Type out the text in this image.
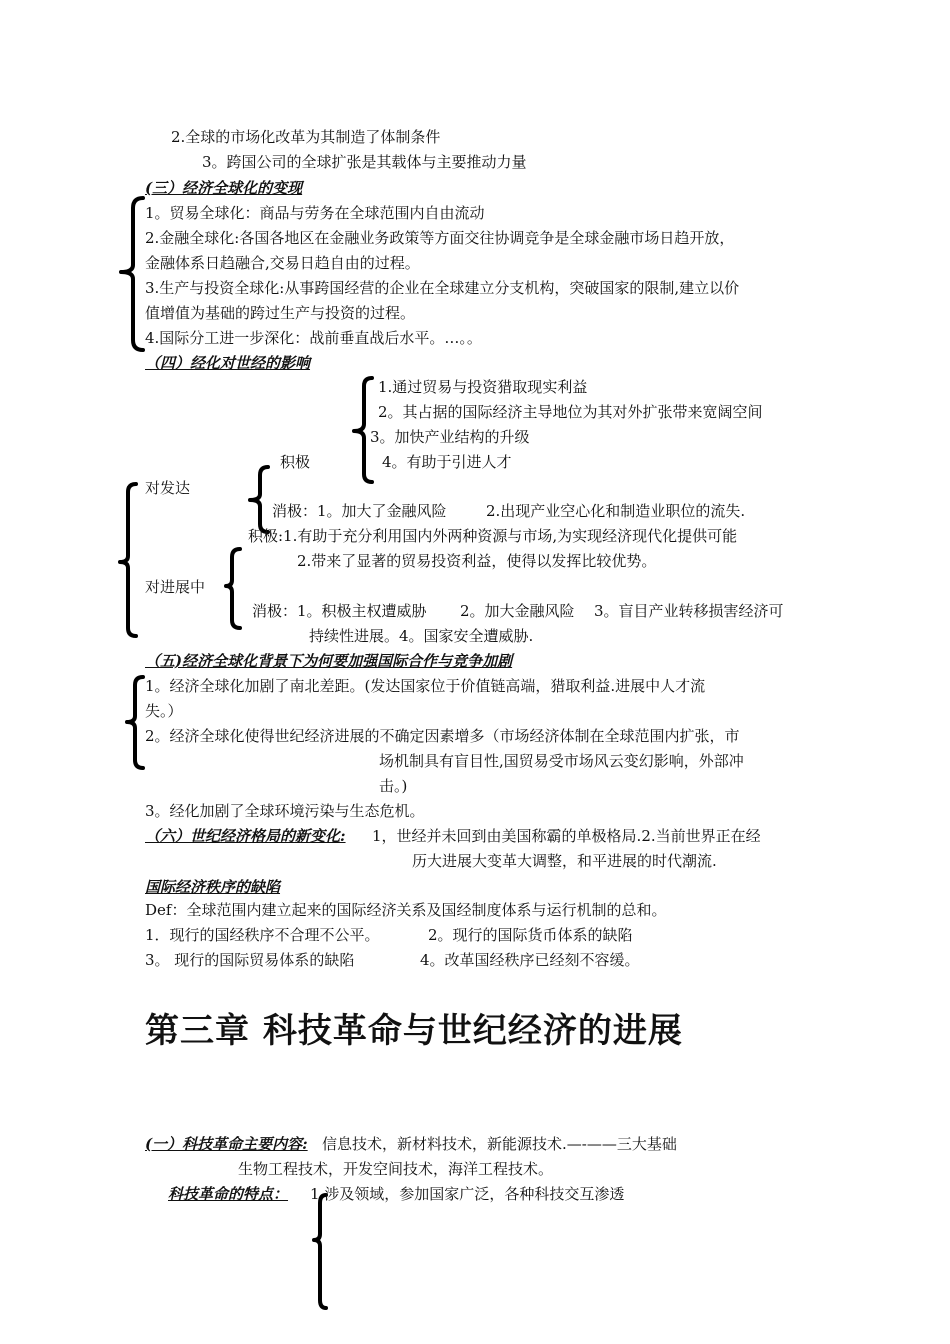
2.全球的市场化改革为其制造了体制条件
3。跨国公司的全球扩张是其载体与主要推动力量
(三）经济全球化的变现
1。贸易全球化：商品与劳务在全球范围内自由流动
2.金融全球化:各国各地区在金融业务政策等方面交往协调竞争是全球金融市场日趋开放，
金融体系日趋融合,交易日趋自由的过程。
3.生产与投资全球化:从事跨国经营的企业在全球建立分支机构，突破国家的限制,建立以价
值增值为基础的跨过生产与投资的过程。
4.国际分工进一步深化：战前垂直战后水平。…。。
（四）经化对世经的影响
1.通过贸易与投资猎取现实利益
2。其占据的国际经济主导地位为其对外扩张带来宽阔空间
3。加快产业结构的升级
积极	4。有助于引进人才
对发达
消极：1。加大了金融风险	2.出现产业空心化和制造业职位的流失.
积极:1.有助于充分利用国内外两种资源与市场,为实现经济现代化提供可能
2.带来了显著的贸易投资利益，使得以发挥比较优势。
对进展中
消极：1。积极主权遭威胁 2。加大金融风险 3。盲目产业转移损害经济可
持续性进展。4。国家安全遭威胁.
（五)经济全球化背景下为何要加强国际合作与竞争加剧
1。经济全球化加剧了南北差距。(发达国家位于价值链高端，猎取利益.进展中人才流
失。）
2。经济全球化使得世纪经济进展的不确定因素增多（市场经济体制在全球范围内扩张，市
场机制具有盲目性,国贸易受市场风云变幻影响，外部冲
击。)
3。经化加剧了全球环境污染与生态危机。
（六）世纪经济格局的新变化: 1，世经并未回到由美国称霸的单极格局.2.当前世界正在经
历大进展大变革大调整，和平进展的时代潮流.
国际经济秩序的缺陷
Def：全球范围内建立起来的国际经济关系及国经制度体系与运行机制的总和。
1．现行的国经秩序不合理不公平。	2。现行的国际货币体系的缺陷
3。 现行的国际贸易体系的缺陷	4。改革国经秩序已经刻不容缓。
第三章 科技革命与世纪经济的进展
(一）科技革命主要内容: 信息技术，新材料技术，新能源技术.—-——三大基础
生物工程技术，开发空间技术，海洋工程技术。
科技革命的特点： 1 涉及领域，参加国家广泛，各种科技交互渗透
